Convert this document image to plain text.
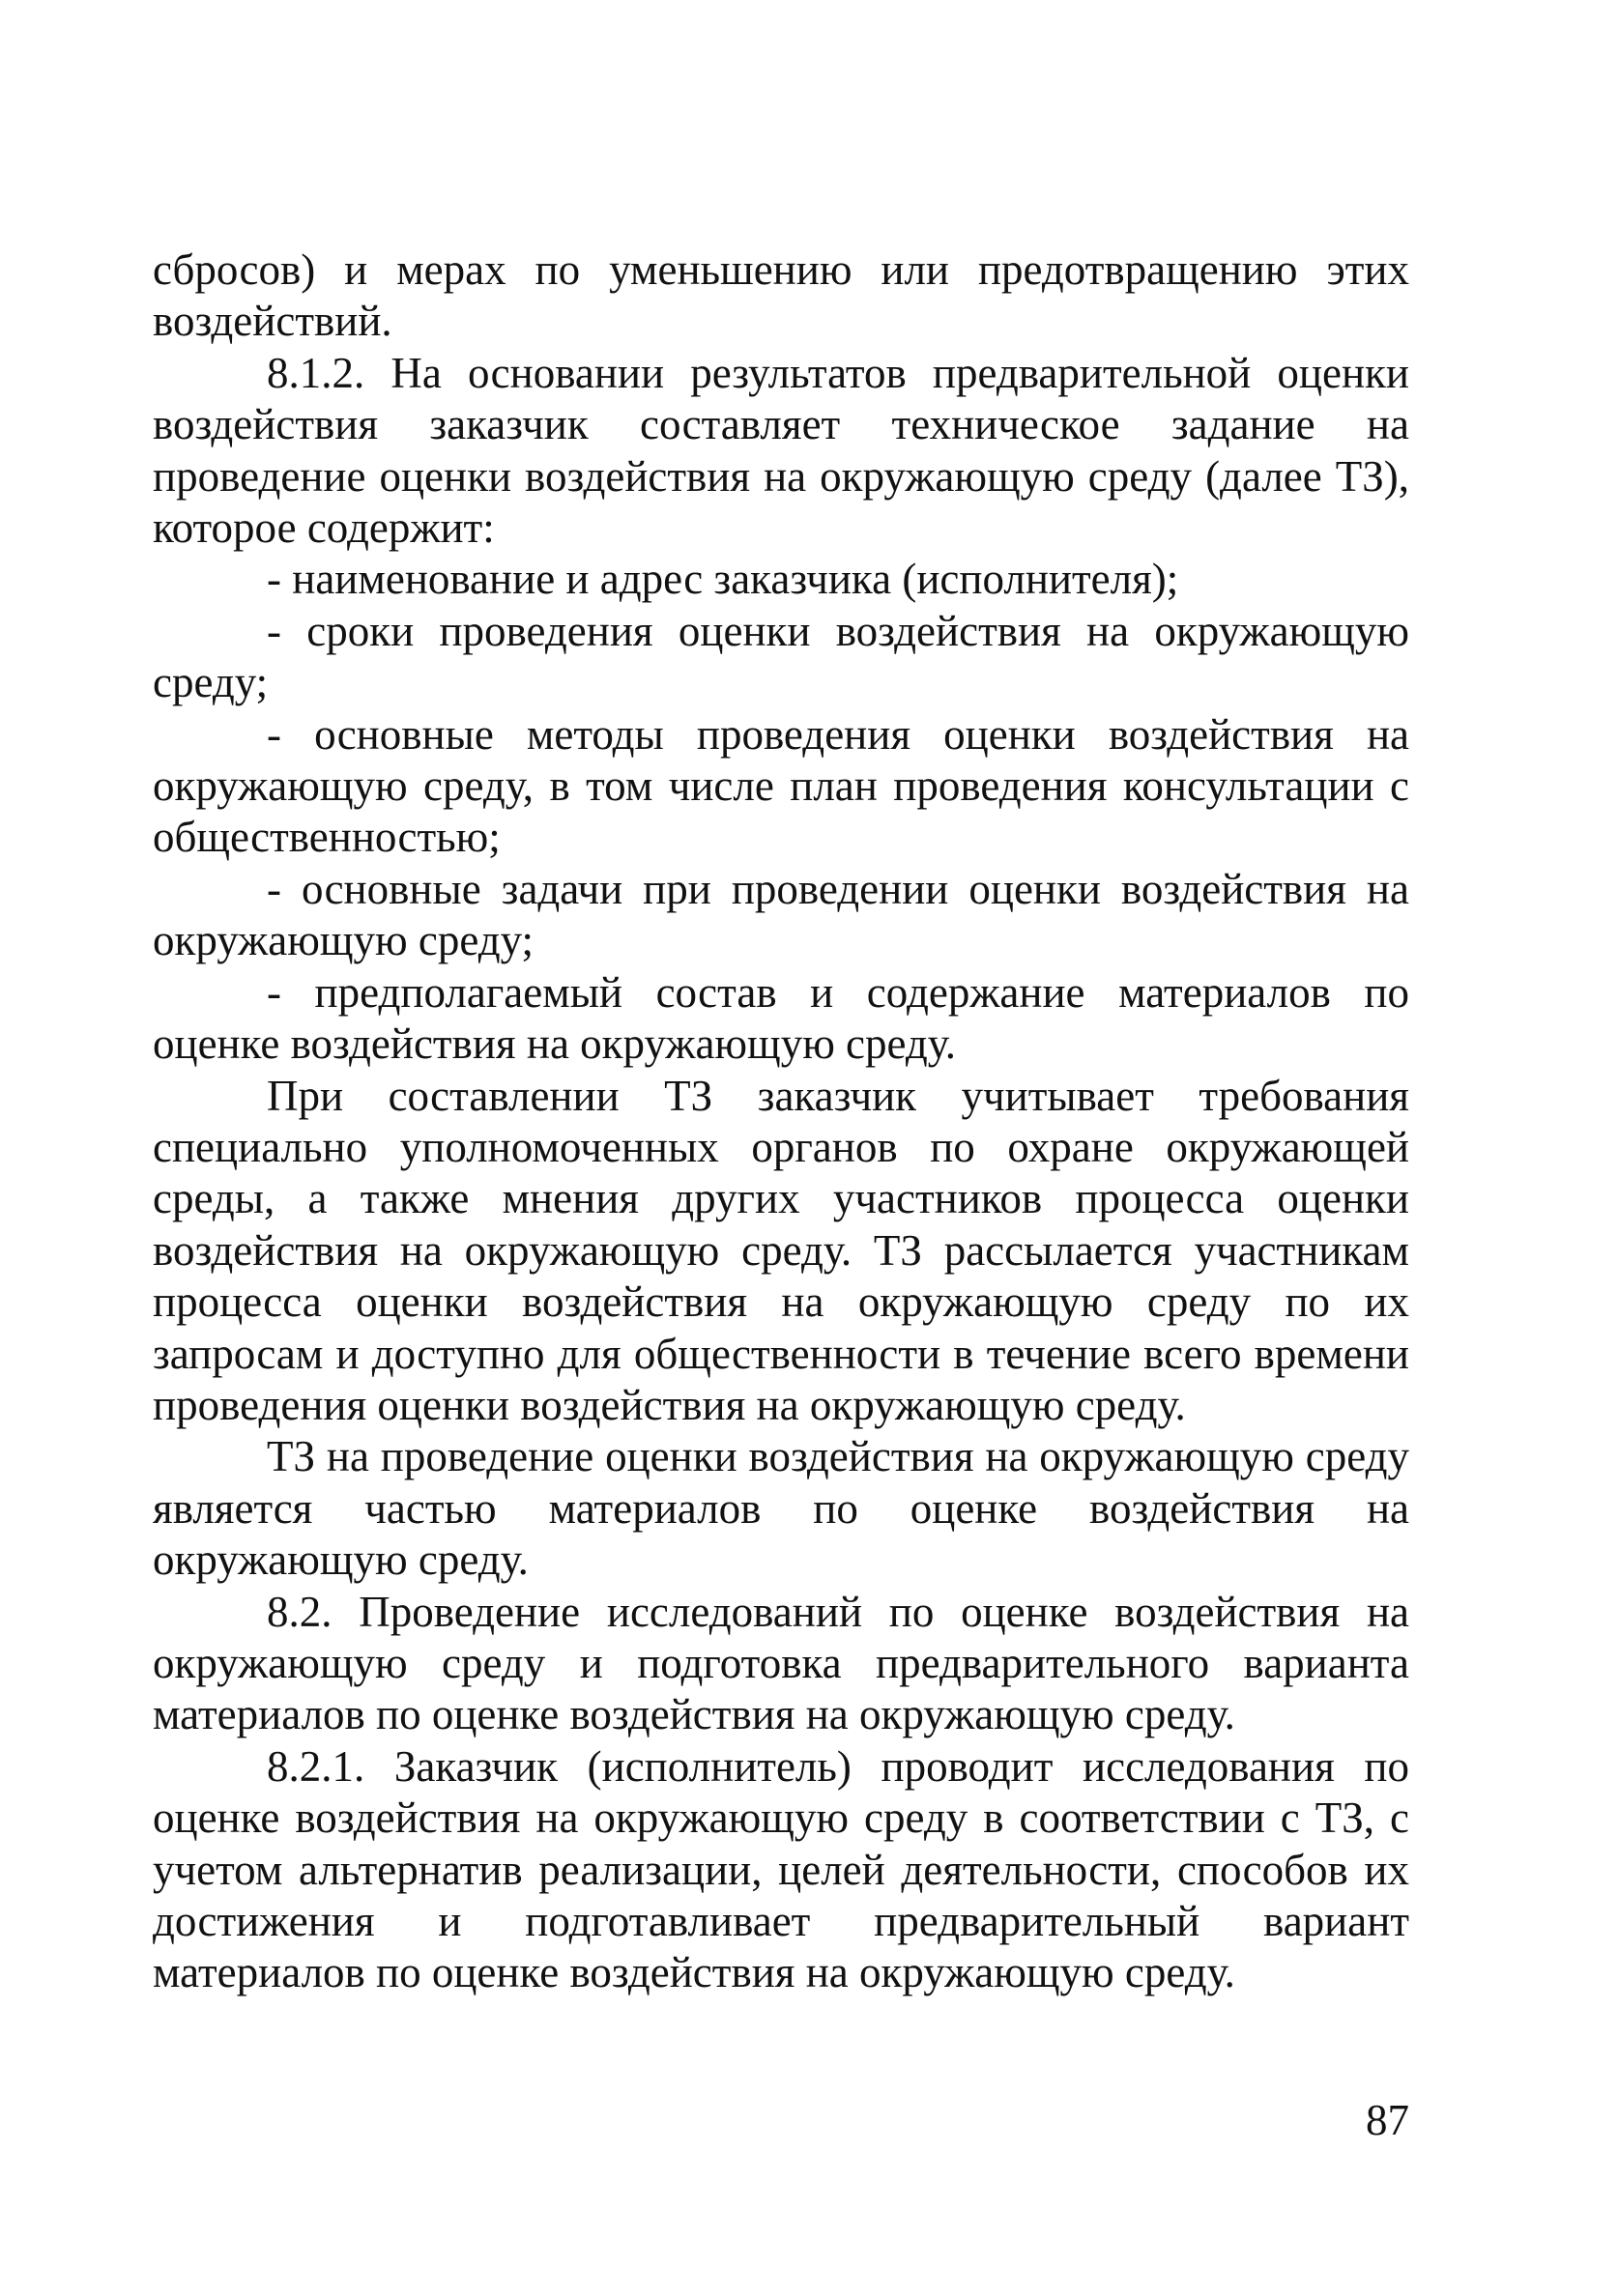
сбросов) и мерах по уменьшению или предотвращению этих воздействий.

8.1.2. На основании результатов предварительной оценки воздействия заказчик составляет техническое задание на проведение оценки воздействия на окружающую среду (далее ТЗ), которое содержит:

- наименование и адрес заказчика (исполнителя);

- сроки проведения оценки воздействия на окружающую среду;

- основные методы проведения оценки воздействия на окружающую среду, в том числе план проведения консультации с общественностью;

- основные задачи при проведении оценки воздействия на окружающую среду;

- предполагаемый состав и содержание материалов по оценке воздействия на окружающую среду.

При составлении ТЗ заказчик учитывает требования специально уполномоченных органов по охране окружающей среды, а также мнения других участников процесса оценки воздействия на окружающую среду. ТЗ рассылается участникам процесса оценки воздействия на окружающую среду по их запросам и доступно для общественности в течение всего времени проведения оценки воздействия на окружающую среду.

ТЗ на проведение оценки воздействия на окружающую среду является частью материалов по оценке воздействия на окружающую среду.

8.2. Проведение исследований по оценке воздействия на окружающую среду и подготовка предварительного варианта материалов по оценке воздействия на окружающую среду.

8.2.1. Заказчик (исполнитель) проводит исследования по оценке воздействия на окружающую среду в соответствии с ТЗ, с учетом альтернатив реализации, целей деятельности, способов их достижения и подготавливает предварительный вариант материалов по оценке воздействия на окружающую среду.

87
